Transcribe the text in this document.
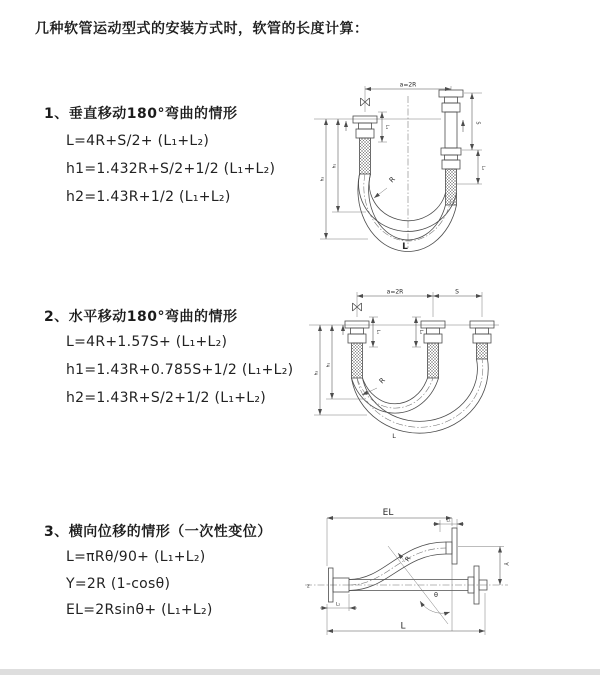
几种软管运动型式的安装方式时，软管的长度计算：
1、垂直移动180°弯曲的情形
L=4R+S/2+ (L₁+L₂)
h1=1.432R+S/2+1/2 (L₁+L₂)
h2=1.43R+1/2 (L₁+L₂)
2、水平移动180°弯曲的情形
L=4R+1.57S+ (L₁+L₂)
h1=1.43R+0.785S+1/2 (L₁+L₂)
h2=1.43R+S/2+1/2 (L₁+L₂)
3、横向位移的情形（一次性变位）
L=πRθ/90+ (L₁+L₂)
Y=2R (1-cosθ)
EL=2Rsinθ+ (L₁+L₂)
a=2R
L₁
S
L₂
h₁
h₂	R
L
a=2R	S
L₁	L₂
h₁
h₂
R
L
z
EL
L₁
Y
L
L₂
R
θ
